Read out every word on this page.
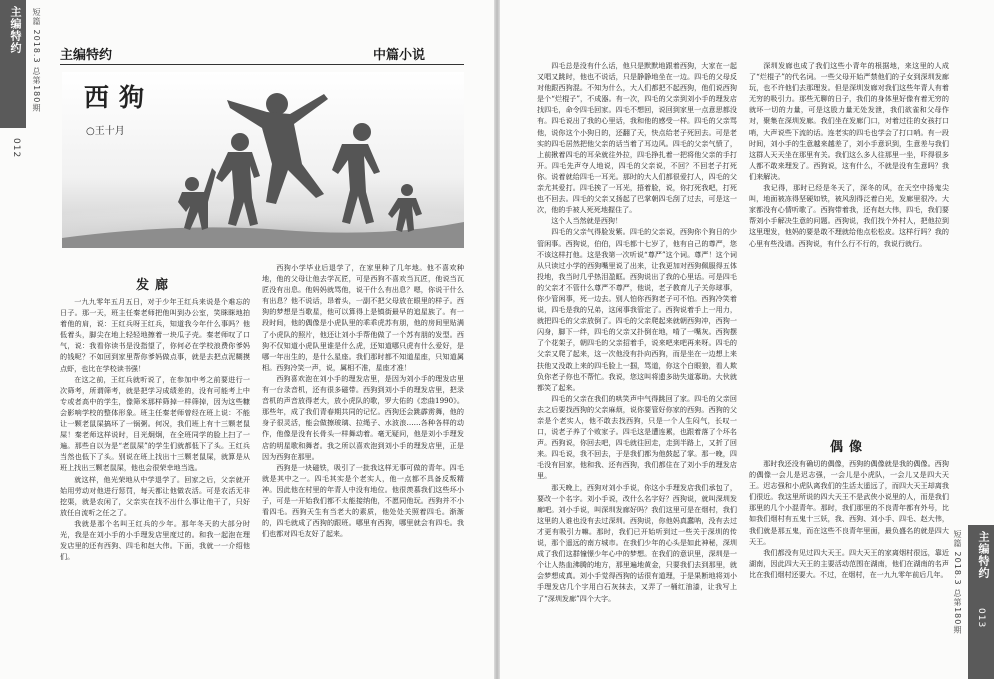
主编特约	短篇 2018.3 总第180期
012
主编特约	中篇小说
西狗
○王十月
发廊

一九九零年五月五日，对于少年王红兵来说是个难忘的日子。那一天，班主任秦老师把他叫到办公室，笑眯眯地拍着他的肩，说：王红兵呀王红兵，知道我今年什么事吗？他低着头，脚尖在地上轻轻地擦着一块瓜子壳。秦老师叹了口气，说：我看你读书是没指望了，你何必在学校浪费你爹妈的钱呢？不如回到家里帮你爹妈做点事，就是去把点泥糊摸点虾，也比在学校读书强！

在这之前，王红兵就听说了，在参加中考之前要进行一次筛考，所谓筛考，就是把学习成绩差的，没有可能考上中专或者高中的学生，像筛米那样筛掉一样筛掉，因为这些糠会影响学校的整体形象。班主任秦老师曾经在班上说：不能让一颗老鼠屎搞坏了一锅粥。何况，我们班上有十三颗老鼠屎！秦老师这样说时，目光炯炯，在全班同学的脸上扫了一遍。那些自以为是“老鼠屎”的学生们就都低下了头。王红兵当然也低下了头。别说在班上找出十三颗老鼠屎，就算是从班上找出三颗老鼠屎，他也会很荣幸地当选。

就这样，他光荣地从中学退学了。回家之后，父亲就开始用劳动对他进行惩罚，每天都让他做农活。可是农活无非挖渠，就是农闲了，父亲实在找不出什么事让他干了，只好放任自流听之任之了。

我就是那个名叫王红兵的少年。那年冬天的大部分时光，我是在刘小手的小手理发店里度过的。和我一起泡在理发店里的还有西狗、四毛和赵大伟。下面，我就一一介绍他们。

西狗小学毕业后退学了，在家里种了几年地。他不喜欢种地，他的父母让他去学瓦匠，可是西狗不喜欢当瓦匠，他说当瓦匠没有出息。他妈妈就骂他，说干什么有出息？嗯，你说干什么有出息？他不说话，昂着头，一副不把父母放在眼里的样子。西狗的梦想是当歌星，他可以算得上是镇街最早的追星族了。有一段时间，他的偶像是小虎队里的乖乖虎苏有朋，他的房间里贴满了小虎队的照片，他还让刘小手帮他做了一个苏有朋的发型。西狗不仅知道小虎队里谁是什么虎，还知道哪只虎有什么爱好，是哪一年出生的，是什么星座。我们那时都不知道星座，只知道属相。西狗冷笑一声，说，属相不准，星座才准！

西狗喜欢泡在刘小手的理发店里，是因为刘小手的理发店里有一台录音机，还有很多磁带。西狗到刘小手的理发店里，把录音机的声音放得老大，放小虎队的歌，罗大佑的《恋曲1990》。那些年，成了我们青春期共同的记忆。西狗还会跳霹雳舞，他的身子很灵活，能会做擦玻璃、拉绳子、水波浪……各种各样的动作，他像是没有长骨头一样舞动着。毫无疑问，他是刘小手理发店的明星歌和舞者。我之所以喜欢泡到刘小手的理发店里，正是因为西狗在那里。

西狗是一块磁铁，吸引了一批我这样无事可做的青年。四毛就是其中之一。四毛其实是个老实人，他一点都不具备反叛精神。因此他在村里的年青人中没有地位。他很羡慕我们这些坏小子，可是一开始我们都不太能接纳他，不愿同他玩。西狗并不小看四毛。西狗天生有当老大的素质，他处处关照着四毛。渐渐的，四毛就成了西狗的跟班。哪里有西狗，哪里就会有四毛。我们也都对四毛友好了起来。

四毛总是没有什么话，他只是默默地跟着西狗，大家在一起又唱又跳时，他也不说话，只是静静地坐在一边。四毛的父母反对他跟西狗混。不知为什么，大人们都把不起西狗，他们说西狗是个“烂棍子”，不成器。有一次，四毛的父亲到刘小手的理发店找四毛，命令四毛回家。四毛不想回，说回到家里一点意思都没有。四毛说出了我的心里话，我和他的感受一样。四毛的父亲骂他，说你这个小狗日的，还翻了天，快点给老子死回去。可是老实的四毛居然把他父亲的话当着了耳边风。四毛的父亲气愤了，上前揪着四毛的耳朵就往外拉，四毛挣扎着一把将他父亲的手打开。四毛先声夺人地说，四毛的父亲说，不回？不回老子打死你。说着就给四毛一耳光。那时的大人们都很爱打人，四毛的父亲尤其爱打。四毛挨了一耳光，捂着脸，说，你打死我吧，打死也不回去。四毛的父亲又扬起了巴掌朝四毛刮了过去，可是这一次，他的手被人死死地握住了。

这个人当然就是西狗！

四毛的父亲气得脸发紫。四毛的父亲说，西狗你个狗日的少管闲事。西狗说，伯伯，四毛都十七岁了，他有自己的尊严，您不该这样打他。这是我第一次听说“尊严”这个词。尊严！这个词从只读过小学的西狗嘴里说了出来，让我更加对西狗佩服得五体投地，我当时几乎热泪盈眶。西狗说出了我的心里话。可是四毛的父亲才不管什么尊严不尊严，他说，老子教育儿子关你球事，你少管闲事，死一边去。别人怕你西狗老子可不怕。西狗冷笑着说，四毛是我的兄弟，这闲事我管定了。西狗说着手上一用力，就把四毛的父亲放倒了。四毛的父亲爬起来就朝西狗冲，西狗一闪身，脚下一绊，四毛的父亲又扑倒在地，啃了一嘴灰。西狗摆了个花架子，朝四毛的父亲招着手，说来吧来吧再来呀。四毛的父亲又爬了起来，这一次他没有扑向西狗，而是坐在一边想上来扶他又没敢上来的四毛脸上一掴，骂道，你这个白眼狼，看人欺负你老子你也不帮忙。我说，您这叫将遗多助失道寡助。大伙就都笑了起来。

四毛的父亲在我们的哄笑声中气得跳回了家。四毛的父亲回去之后要找西狗的父亲麻烦，说你要管好你家的西狗。西狗的父亲是个老实人，他不敢去找西狗，只是一个人生闷气，长叹一口，说老子养了个败家子。四毛这是遭连累，也跟着落了个坏名声。西狗说，你回去吧，四毛就往回走，走到半路上，又折了回来。四毛说，我不回去，于是我们都为他鼓起了掌。那一晚，四毛没有回家，他和我、还有西狗，我们都住在了刘小手的理发店里。

那天晚上，西狗对刘小手说，你这小手理发店我们承包了，要改一个名字。刘小手说，改什么名字好？西狗说，就叫深圳发廊吧。刘小手说，叫深圳发廊好吗？我们这里可是在烟村，我们这里的人谁也没有去过深圳。西狗说，你他妈真蠢呐，没有去过才更有吸引力嘛。那时，我们已开始听到过一些关于深圳的传说，那个遥远的南方城市。在我们少年的心头是如此神秘，深圳成了我们这群憧憬少年心中的梦想。在我们的意识里，深圳是一个让人热血沸腾的地方，那里遍地黄金，只要我们去到那里，就会梦想成真。刘小手觉得西狗的话很有道理，于是果断地将刘小手理发店几个字用白石灰抹去，又弄了一桶红油漆，让我写上了“深圳发廊”四个大字。

深圳发廊也成了我们这些小青年的根据地，来这里的人成了“烂棍子”的代名词。一些父母开始严禁他们的子女到深圳发廊玩，也不许他们去那理发。但是深圳发廊对我们这些年青人有着无穷的吸引力。那些无聊的日子，我们的身体里好像有着无穷的就坏一切的力量，可是这股力量无处发泄，我们欲雀和父母作对，聚集在深圳发廊。我们坐在发廊门口，对着过往的女孩打口哨，大声说些下流的话。连老实的四毛也学会了打口哨。有一段时间，刘小手的生意越来越差了，刘小手意识到，生意差与我们这群人天天坐在那里有关。我们这么多人往那里一坐，吓得很多人都不敢来理发了。西狗说，这有什么，不就是没有生意吗？我们来解决。

我记得，那时已经是冬天了，深冬的风，在天空中扬鬼尖叫，地面被冻得坚硬如铁，被风刮得泛着白光，发廊里很冷。大家都没有心情听歌了。西狗带着我，还有赵大伟，四毛，我们要帮刘小手解决生意的问题。西狗说，我们找个外村人，把他拉到这里理发，他妈的要是敢不理就给他点松松皮。这样行吗？我的心里有些没谱。西狗说，有什么行不行的，我说行就行。

偶像

那时我还没有确切的偶像，西狗的偶像就是我的偶像。西狗的偶像一会儿是迟志强，一会儿是小虎队，一会儿又是四大天王。迟志强和小虎队离我们的生活太遥远了，而四大天王却离我们很近。我这里所说的四大天王不是武侠小说里的人，而是我们那里的几个小混青年。那时，我们那里的不良青年都有外号，比如我们烟村有五鬼十三妖，我、西狗、刘小手、四毛、赵大伟，我们就是那五鬼，而在这些不良青年里面，最负盛名的就是四大天王。

我们都没有见过四大天王。四大天王的家离烟村很远，靠近湖南，因此四大天王的主要活动范围在湖南，他们在湖南的名声比在我们烟村还要大。不过，在烟村，在一九九零年前后几年。 短篇 2018.3 总第180期	主编特约
013
